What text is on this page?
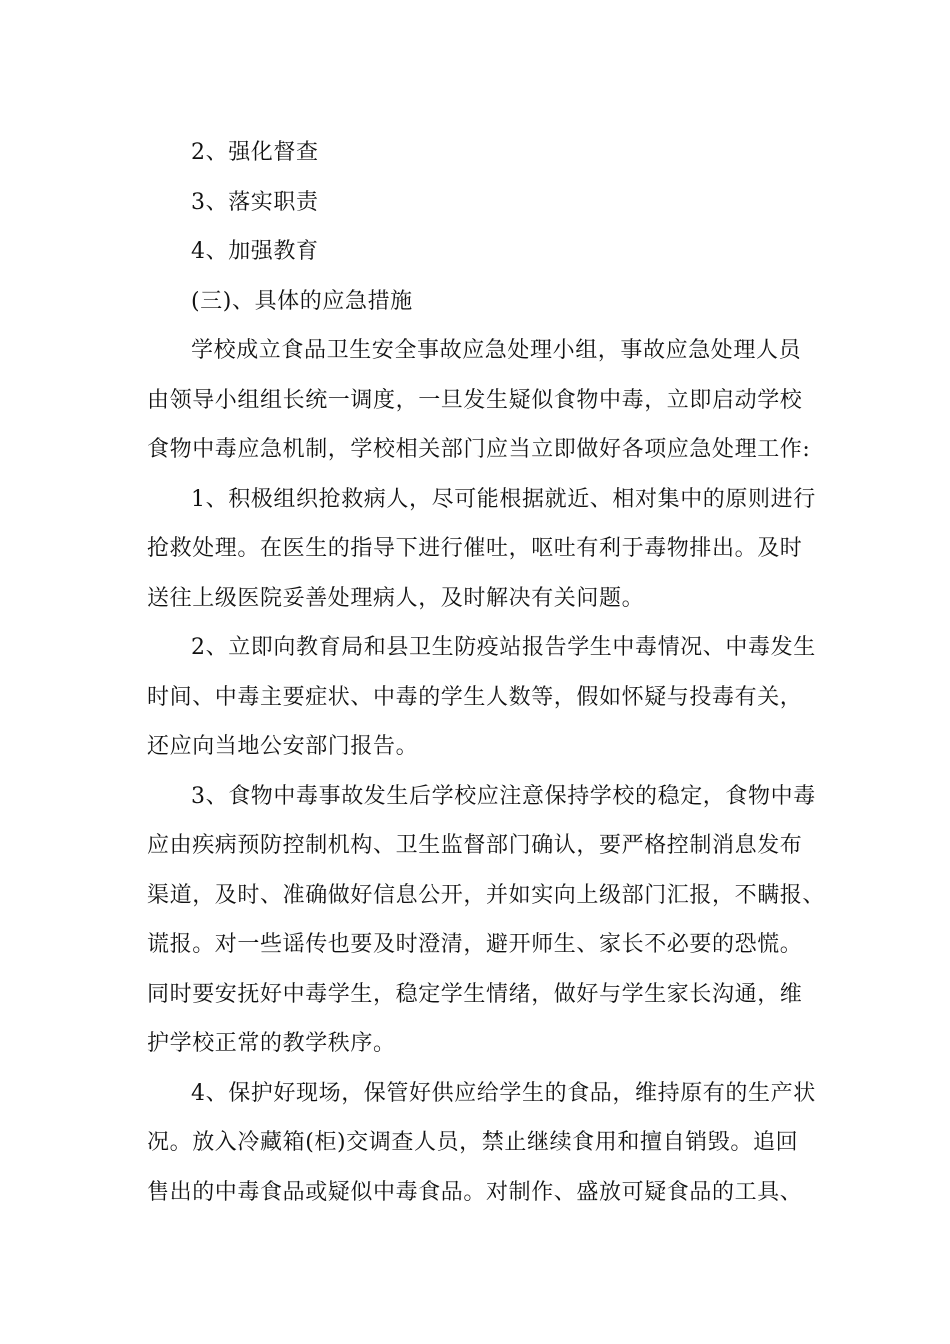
2、强化督查
3、落实职责
4、加强教育
(三)、具体的应急措施
学校成立食品卫生安全事故应急处理小组，事故应急处理人员
由领导小组组长统一调度，一旦发生疑似食物中毒，立即启动学校
食物中毒应急机制，学校相关部门应当立即做好各项应急处理工作:
1、积极组织抢救病人，尽可能根据就近、相对集中的原则进行
抢救处理。在医生的指导下进行催吐，呕吐有利于毒物排出。及时
送往上级医院妥善处理病人，及时解决有关问题。
2、立即向教育局和县卫生防疫站报告学生中毒情况、中毒发生
时间、中毒主要症状、中毒的学生人数等，假如怀疑与投毒有关，
还应向当地公安部门报告。
3、食物中毒事故发生后学校应注意保持学校的稳定，食物中毒
应由疾病预防控制机构、卫生监督部门确认，要严格控制消息发布
渠道，及时、准确做好信息公开，并如实向上级部门汇报，不瞒报、
谎报。对一些谣传也要及时澄清，避开师生、家长不必要的恐慌。
同时要安抚好中毒学生，稳定学生情绪，做好与学生家长沟通，维
护学校正常的教学秩序。
4、保护好现场，保管好供应给学生的食品，维持原有的生产状
况。放入冷藏箱(柜)交调查人员，禁止继续食用和擅自销毁。追回
售出的中毒食品或疑似中毒食品。对制作、盛放可疑食品的工具、
